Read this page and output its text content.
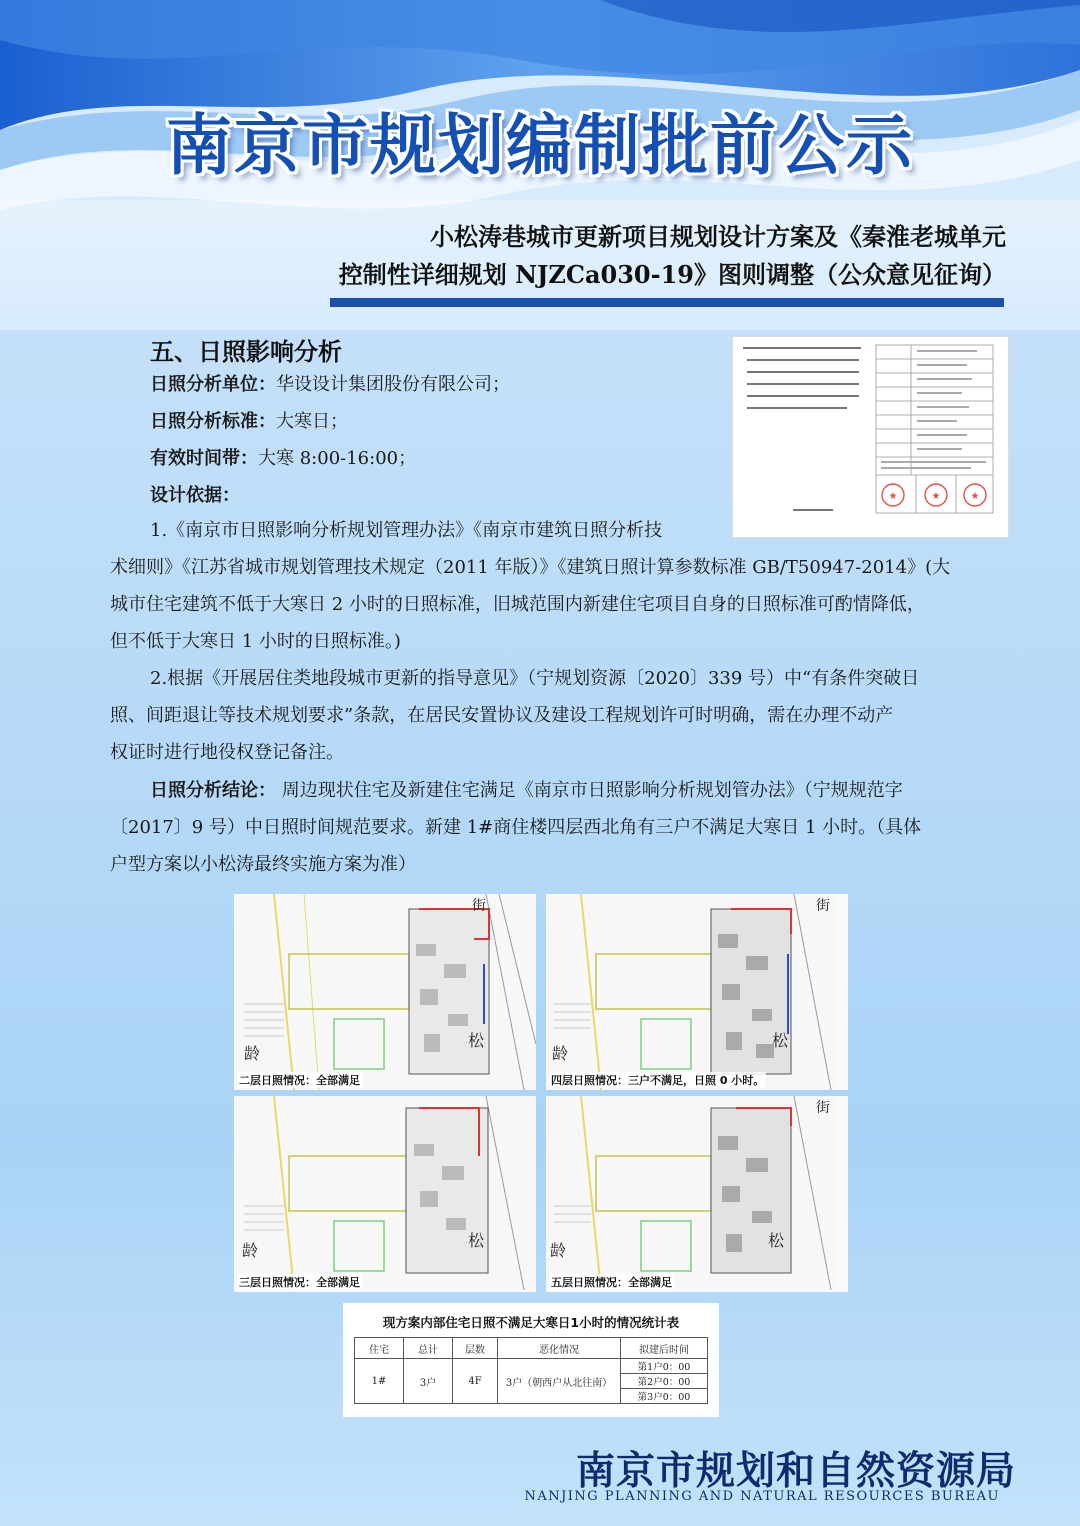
南京市规划编制批前公示
小松涛巷城市更新项目规划设计方案及《秦淮老城单元
控制性详细规划 NJZCa030-19》图则调整（公众意见征询）
五、日照影响分析
日照分析单位：华设设计集团股份有限公司；
日照分析标准：大寒日；
有效时间带：大寒 8:00-16:00；
设计依据：	★	★	★
1.《南京市日照影响分析规划管理办法》《南京市建筑日照分析技
术细则》《江苏省城市规划管理技术规定（2011 年版）》《建筑日照计算参数标准 GB/T50947-2014》(大
城市住宅建筑不低于大寒日 2 小时的日照标准，旧城范围内新建住宅项目自身的日照标准可酌情降低，
但不低于大寒日 1 小时的日照标准。)
2.根据《开展居住类地段城市更新的指导意见》（宁规划资源〔2020〕339 号）中“有条件突破日
照、间距退让等技术规划要求”条款，在居民安置协议及建设工程规划许可时明确，需在办理不动产
权证时进行地役权登记备注。
日照分析结论： 周边现状住宅及新建住宅满足《南京市日照影响分析规划管办法》（宁规规范字
〔2017〕9 号）中日照时间规范要求。新建 1#商住楼四层西北角有三户不满足大寒日 1 小时。（具体
户型方案以小松涛最终实施方案为准）
街
龄
松
二层日照情况：全部满足
街
龄
松
四层日照情况：三户不满足，日照 0 小时。
龄
松
三层日照情况：全部满足
街
龄
松
五层日照情况：全部满足
现方案内部住宅日照不满足大寒日1小时的情况统计表
住宅	总计	层数	恶化情况	拟建后时间
1#	3户	4F	3户（朝西户从北往南）	第1户0：00
				第2户0：00
				第3户0：00
南京市规划和自然资源局
NANJING PLANNING AND NATURAL RESOURCES BUREAU
